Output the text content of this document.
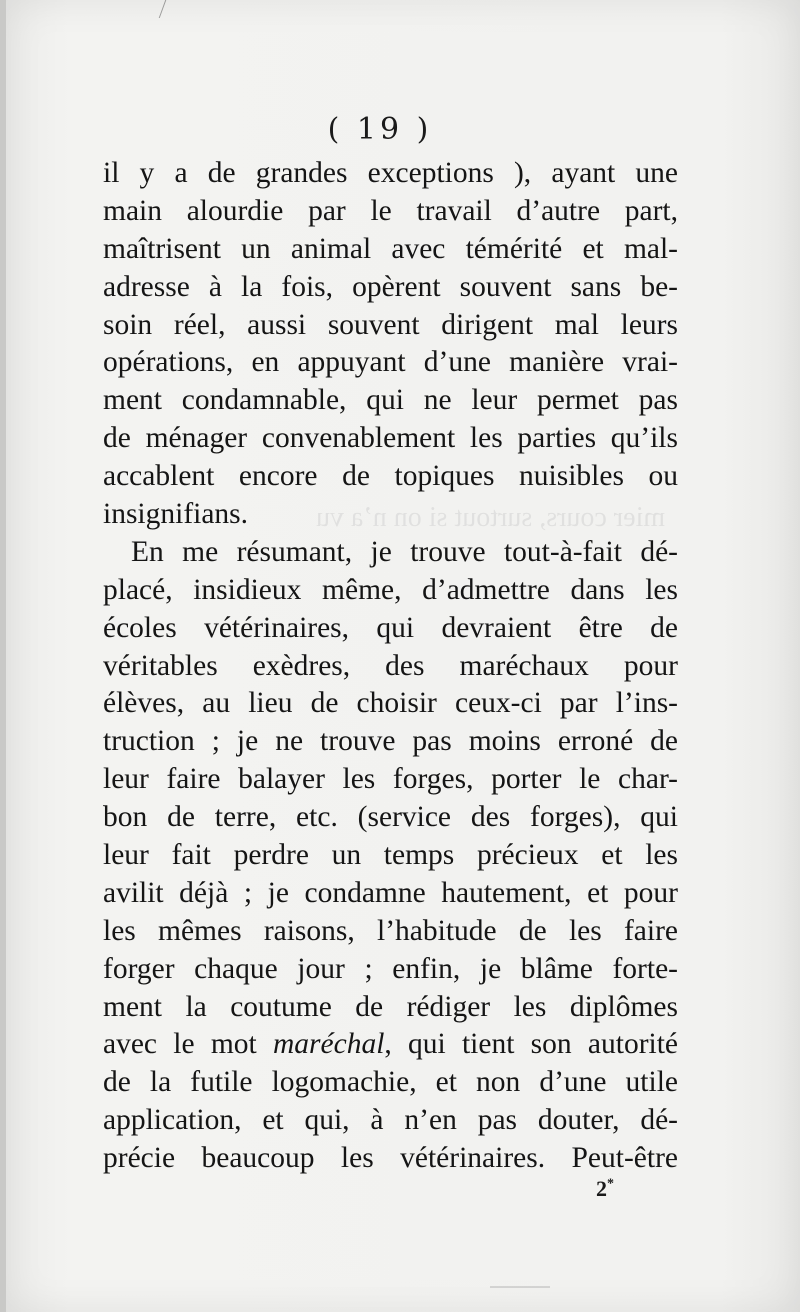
mier cours, surtout si on n’a vu
( 19 )
il y a de grandes exceptions ), ayant une
main alourdie par le travail d’autre part,
maîtrisent un animal avec témérité et mal-
adresse à la fois, opèrent souvent sans be-
soin réel, aussi souvent dirigent mal leurs
opérations, en appuyant d’une manière vrai-
ment condamnable, qui ne leur permet pas
de ménager convenablement les parties qu’ils
accablent encore de topiques nuisibles ou
insignifians.
En me résumant, je trouve tout-à-fait dé-
placé, insidieux même, d’admettre dans les
écoles vétérinaires, qui devraient être de
véritables exèdres, des maréchaux pour
élèves, au lieu de choisir ceux-ci par l’ins-
truction ; je ne trouve pas moins erroné de
leur faire balayer les forges, porter le char-
bon de terre, etc. (service des forges), qui
leur fait perdre un temps précieux et les
avilit déjà ; je condamne hautement, et pour
les mêmes raisons, l’habitude de les faire
forger chaque jour ; enfin, je blâme forte-
ment la coutume de rédiger les diplômes
avec le mot maréchal, qui tient son autorité
de la futile logomachie, et non d’une utile
application, et qui, à n’en pas douter, dé-
précie beaucoup les vétérinaires. Peut-être
2*
